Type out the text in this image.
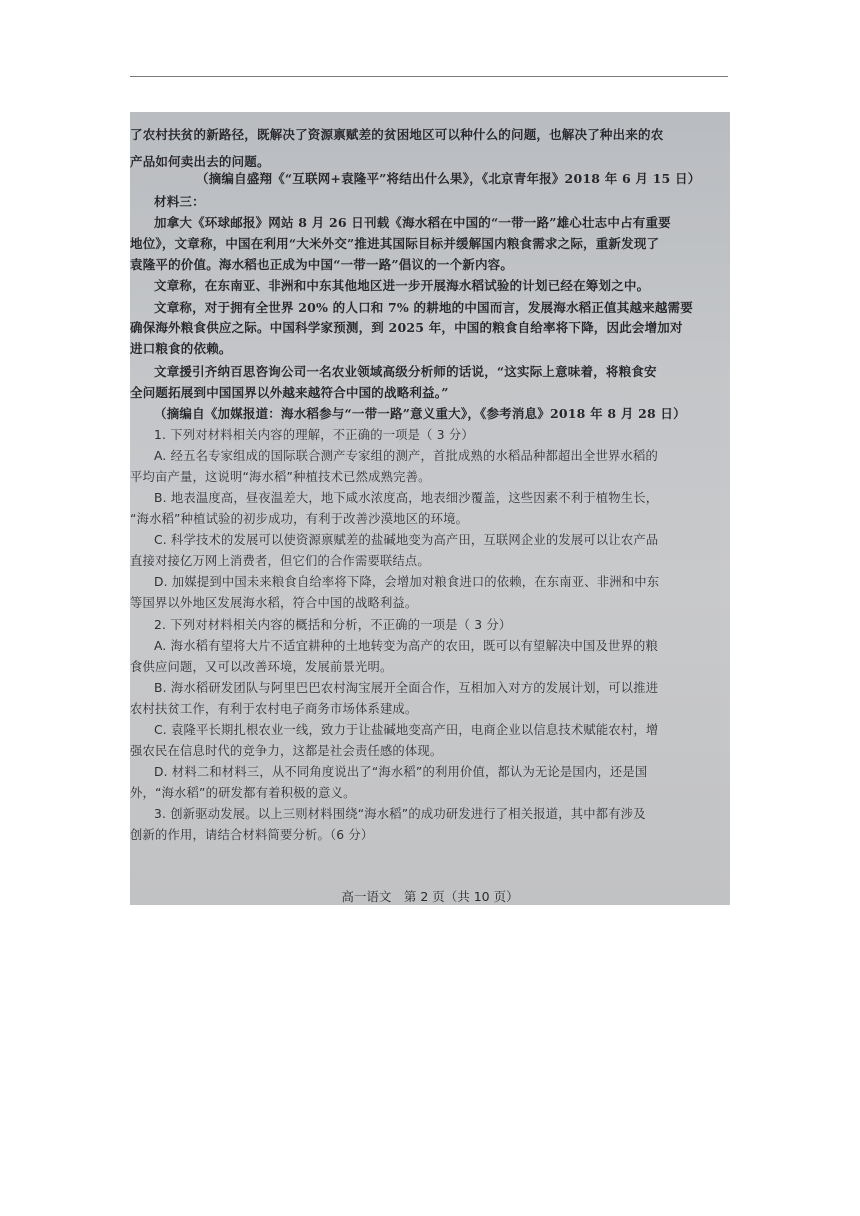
了农村扶贫的新路径，既解决了资源禀赋差的贫困地区可以种什么的问题，也解决了种出来的农
产品如何卖出去的问题。
（摘编自盛翔《“互联网+袁隆平”将结出什么果》，《北京青年报》2018 年 6 月 15 日）
材料三：
加拿大《环球邮报》网站 8 月 26 日刊载《海水稻在中国的“一带一路”雄心壮志中占有重要
地位》，文章称，中国在利用“大米外交”推进其国际目标并缓解国内粮食需求之际，重新发现了
袁隆平的价值。海水稻也正成为中国“一带一路”倡议的一个新内容。
文章称，在东南亚、非洲和中东其他地区进一步开展海水稻试验的计划已经在筹划之中。
文章称，对于拥有全世界 20% 的人口和 7% 的耕地的中国而言，发展海水稻正值其越来越需要
确保海外粮食供应之际。中国科学家预测，到 2025 年，中国的粮食自给率将下降，因此会增加对
进口粮食的依赖。
文章援引齐纳百思咨询公司一名农业领域高级分析师的话说，“这实际上意味着，将粮食安
全问题拓展到中国国界以外越来越符合中国的战略利益。”
（摘编自《加媒报道：海水稻参与“一带一路”意义重大》，《参考消息》2018 年 8 月 28 日）
1. 下列对材料相关内容的理解，不正确的一项是（ 3 分）
A. 经五名专家组成的国际联合测产专家组的测产，首批成熟的水稻品种都超出全世界水稻的
平均亩产量，这说明“海水稻”种植技术已然成熟完善。
B. 地表温度高，昼夜温差大，地下咸水浓度高，地表细沙覆盖，这些因素不利于植物生长，
“海水稻”种植试验的初步成功，有利于改善沙漠地区的环境。
C. 科学技术的发展可以使资源禀赋差的盐碱地变为高产田，互联网企业的发展可以让农产品
直接对接亿万网上消费者，但它们的合作需要联结点。
D. 加媒提到中国未来粮食自给率将下降，会增加对粮食进口的依赖，在东南亚、非洲和中东
等国界以外地区发展海水稻，符合中国的战略利益。
2. 下列对材料相关内容的概括和分析，不正确的一项是（ 3 分）
A. 海水稻有望将大片不适宜耕种的土地转变为高产的农田，既可以有望解决中国及世界的粮
食供应问题，又可以改善环境，发展前景光明。
B. 海水稻研发团队与阿里巴巴农村淘宝展开全面合作，互相加入对方的发展计划，可以推进
农村扶贫工作，有利于农村电子商务市场体系建成。
C. 袁隆平长期扎根农业一线，致力于让盐碱地变高产田，电商企业以信息技术赋能农村，增
强农民在信息时代的竞争力，这都是社会责任感的体现。
D. 材料二和材料三，从不同角度说出了“海水稻”的利用价值，都认为无论是国内，还是国
外，“海水稻”的研发都有着积极的意义。
3. 创新驱动发展。以上三则材料围绕“海水稻”的成功研发进行了相关报道，其中都有涉及
创新的作用，请结合材料简要分析。（6 分）
高一语文　第 2 页（共 10 页）
